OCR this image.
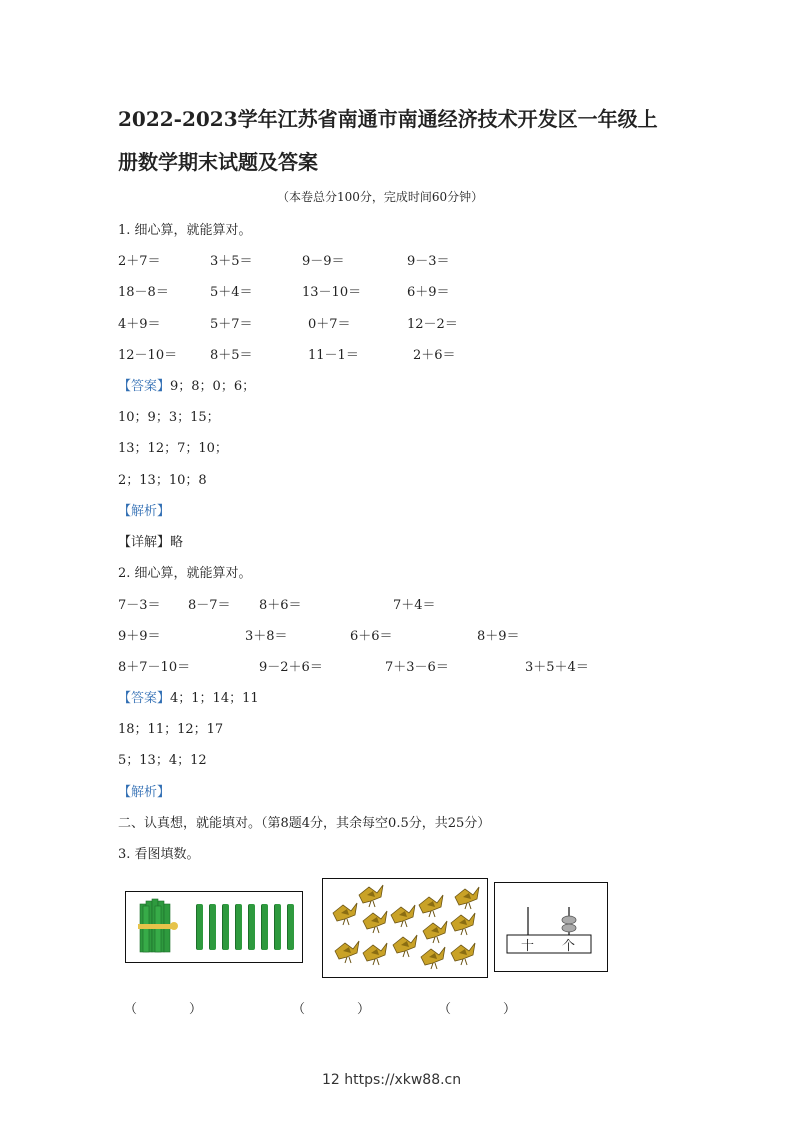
2022-2023学年江苏省南通市南通经济技术开发区一年级上
册数学期末试题及答案
（本卷总分100分，完成时间60分钟）
1. 细心算，就能算对。
2＋7＝	3＋5＝	9－9＝	9－3＝
18－8＝	5＋4＝	13－10＝	6＋9＝
4＋9＝	5＋7＝	0＋7＝	12－2＝
12－10＝	8＋5＝	11－1＝	2＋6＝
【答案】9；8；0；6；
10；9；3；15；
13；12；7；10；
2；13；10；8
【解析】
【详解】略
2. 细心算，就能算对。
7－3＝ 8－7＝ 8＋6＝	7＋4＝
9＋9＝	3＋8＝	6＋6＝	8＋9＝
8＋7－10＝	9－2＋6＝	7＋3－6＝	3＋5＋4＝
【答案】4；1；14；11
18；11；12；17
5；13；4；12
【解析】
二、认真想，就能填对。（第8题4分，其余每空0.5分，共25分）
3. 看图填数。
十 个
（　　　　）	（　　　　）	（　　　　）
12 https://xkw88.cn
